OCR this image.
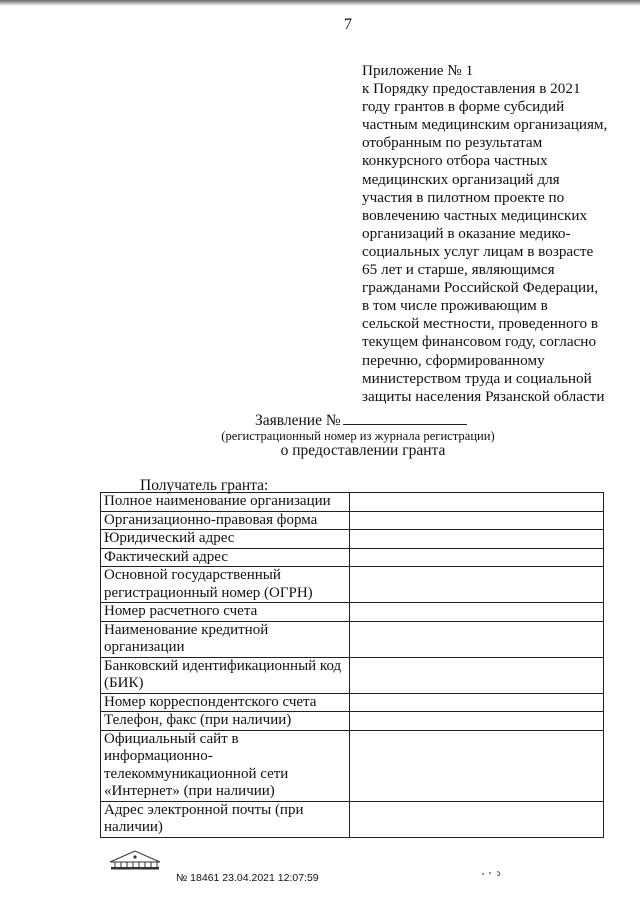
7
Приложение № 1
к Порядку предоставления в 2021
году грантов в форме субсидий
частным медицинским организациям,
отобранным по результатам
конкурсного отбора частных
медицинских организаций для
участия в пилотном проекте по
вовлечению частных медицинских
организаций в оказание медико-
социальных услуг лицам в возрасте
65 лет и старше, являющимся
гражданами Российской Федерации,
в том числе проживающим в
сельской местности, проведенного в
текущем финансовом году, согласно
перечню, сформированному
министерством труда и социальной
защиты населения Рязанской области
Заявление №
(регистрационный номер из журнала регистрации)
о предоставлении гранта
Получатель гранта:
Полное наименование организации	
Организационно-правовая форма	
Юридический адрес	
Фактический адрес	
Основной государственный регистрационный номер (ОГРН)	
Номер расчетного счета	
Наименование кредитной организации	
Банковский идентификационный код (БИК)	
Номер корреспондентского счета	
Телефон, факс (при наличии)	
Официальный сайт в информационно-телекоммуникационной сети «Интернет» (при наличии)	
Адрес электронной почты (при наличии)	
№ 18461 23.04.2021 12:07:59
